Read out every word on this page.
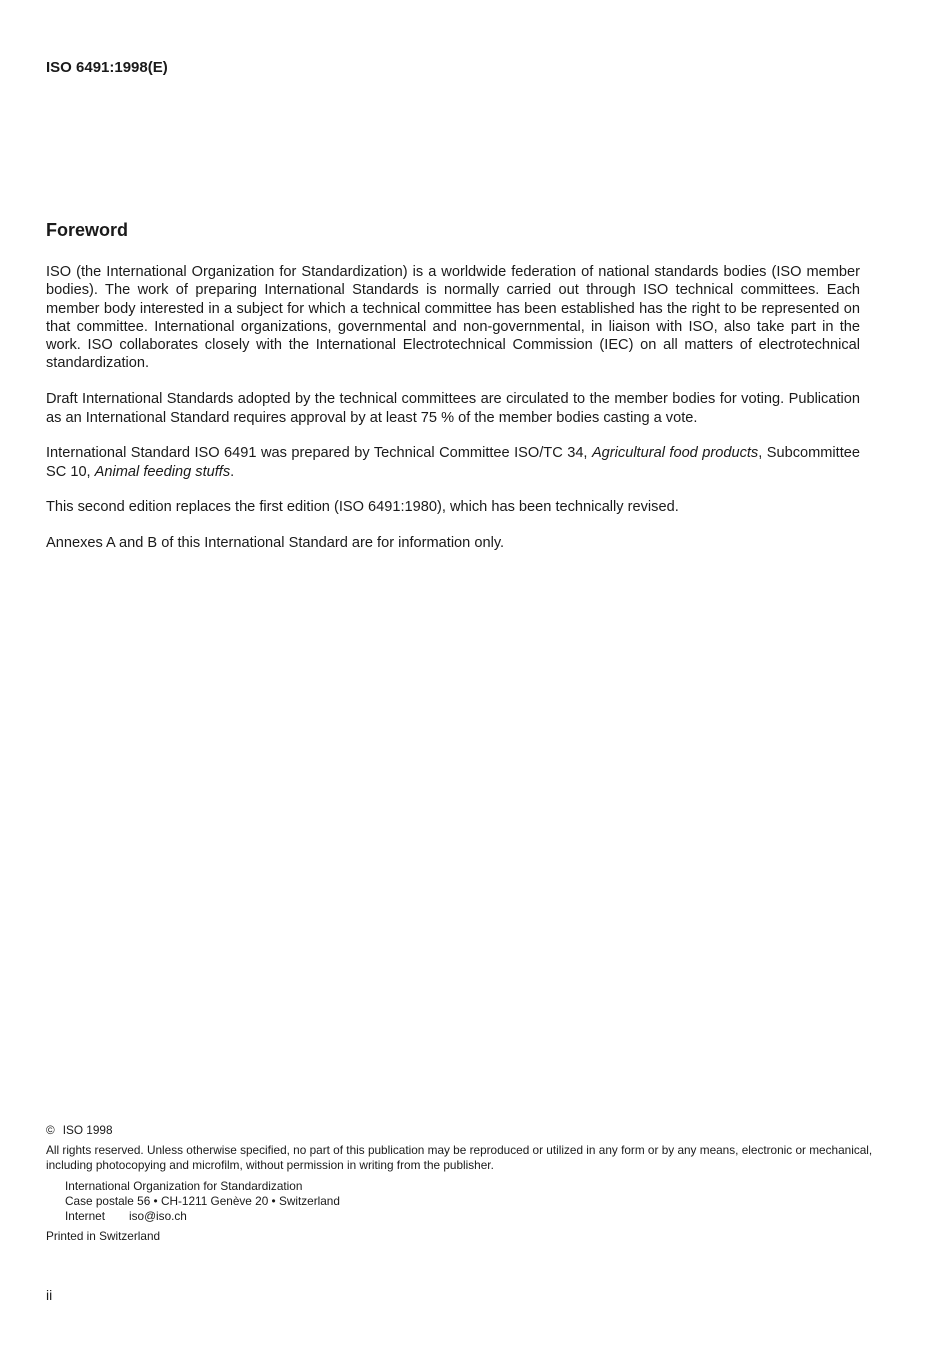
ISO 6491:1998(E)
Foreword

ISO (the International Organization for Standardization) is a worldwide federation of national standards bodies (ISO member bodies). The work of preparing International Standards is normally carried out through ISO technical committees. Each member body interested in a subject for which a technical committee has been established has the right to be represented on that committee. International organizations, governmental and non-governmental, in liaison with ISO, also take part in the work. ISO collaborates closely with the International Electrotechnical Commission (IEC) on all matters of electrotechnical standardization.

Draft International Standards adopted by the technical committees are circulated to the member bodies for voting. Publication as an International Standard requires approval by at least 75 % of the member bodies casting a vote.

International Standard ISO 6491 was prepared by Technical Committee ISO/TC 34, Agricultural food products, Subcommittee SC 10, Animal feeding stuffs.

This second edition replaces the first edition (ISO 6491:1980), which has been technically revised.

Annexes A and B of this International Standard are for information only.

© ISO 1998
All rights reserved. Unless otherwise specified, no part of this publication may be reproduced or utilized in any form or by any means, electronic or mechanical, including photocopying and microfilm, without permission in writing from the publisher.
International Organization for Standardization
Case postale 56 • CH-1211 Genève 20 • Switzerland
Internet iso@iso.ch
Printed in Switzerland
ii
